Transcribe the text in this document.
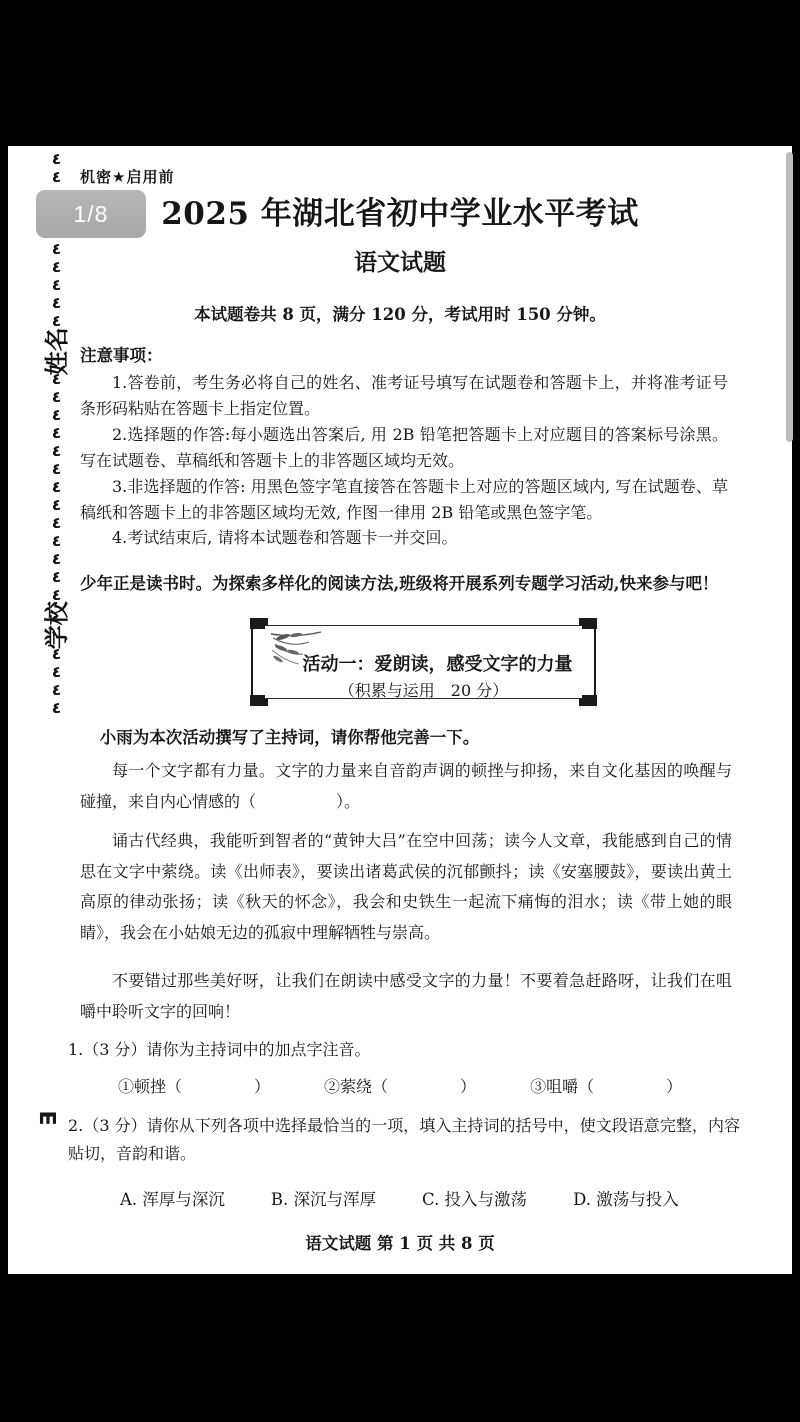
机密★启用前
٤
٤
٤
٤
٤
٤
٤
姓名
٤
٤
٤
٤
٤
٤
٤
٤
٤
٤
٤
٤
٤
学校
٤
٤
٤
٤
∃
2025 年湖北省初中学业水平考试
语文试题
本试题卷共 8 页，满分 120 分，考试用时 150 分钟。

注意事项：

1.答卷前，考生务必将自己的姓名、准考证号填写在试题卷和答题卡上，并将准考证号条形码粘贴在答题卡上指定位置。

2.选择题的作答:每小题选出答案后, 用 2B 铅笔把答题卡上对应题目的答案标号涂黑。写在试题卷、草稿纸和答题卡上的非答题区域均无效。

3.非选择题的作答: 用黑色签字笔直接答在答题卡上对应的答题区域内, 写在试题卷、草稿纸和答题卡上的非答题区域均无效, 作图一律用 2B 铅笔或黑色签字笔。

4.考试结束后, 请将本试题卷和答题卡一并交回。

少年正是读书时。为探索多样化的阅读方法,班级将开展系列专题学习活动,快来参与吧！
活动一：爱朗读，感受文字的力量
（积累与运用　20 分）
小雨为本次活动撰写了主持词，请你帮他完善一下。
每一个文字都有力量。文字的力量来自音韵声调的顿挫与抑扬，来自文化基因的唤醒与碰撞，来自内心情感的（　　　　　）。
诵古代经典，我能听到智者的“黄钟大吕”在空中回荡；读今人文章，我能感到自己的情思在文字中萦绕。读《出师表》，要读出诸葛武侯的沉郁颤抖；读《安塞腰鼓》，要读出黄土高原的律动张扬；读《秋天的怀念》，我会和史铁生一起流下痛悔的泪水；读《带上她的眼睛》，我会在小姑娘无边的孤寂中理解牺牲与崇高。
不要错过那些美好呀，让我们在朗读中感受文字的力量！不要着急赶路呀，让我们在咀嚼中聆听文字的回响！
1.（3 分）请你为主持词中的加点字注音。
①顿挫（	）	②萦绕（	）	③咀嚼（	）
2.（3 分）请你从下列各项中选择最恰当的一项，填入主持词的括号中，使文段语意完整，内容贴切，音韵和谐。
A. 浑厚与深沉	B. 深沉与浑厚	C. 投入与激荡	D. 激荡与投入
语文试题 第 1 页 共 8 页
1/8
